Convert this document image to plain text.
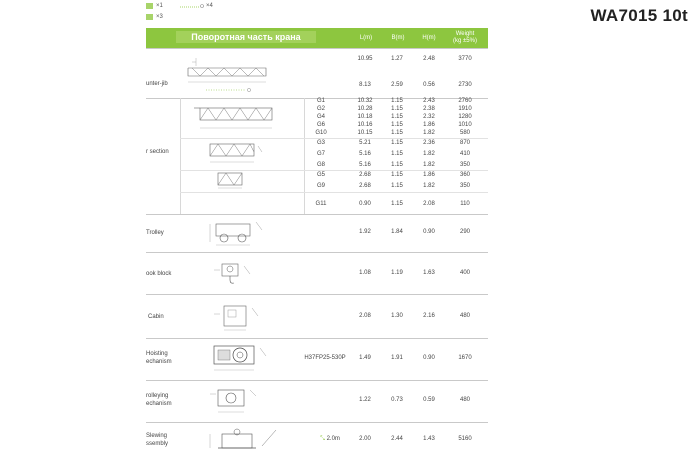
×1	×4
×3	WA7015 10t
Поворотная часть крана	L(m)	B(m)	H(m)
Weight
(kg ±5%)
unter-jib
10.95	1.27	2.48	3770
8.13	2.59	0.56	2730
r section
G1	10.32	1.15	2.43	2760
G2	10.28	1.15	2.38	1910
G4	10.18	1.15	2.32	1280
G6	10.16	1.15	1.86	1010
G10	10.15	1.15	1.82	580
G3	5.21	1.15	2.36	870
G7	5.16	1.15	1.82	410
G8	5.16	1.15	1.82	350
G5	2.68	1.15	1.86	360
G9	2.68	1.15	1.82	350
G11	0.90	1.15	2.08	110
Trolley	1.92	1.84	0.90	290
ook block	1.08	1.19	1.63	400
Cabin	2.08	1.30	2.16	480
Hoisting
echanism
H37FP25-530P	1.49	1.91	0.90	1670
rolleying
echanism
1.22	0.73	0.59	480
Slewing
ssembly
⤡ 2.0m	2.00	2.44	1.43	5160
